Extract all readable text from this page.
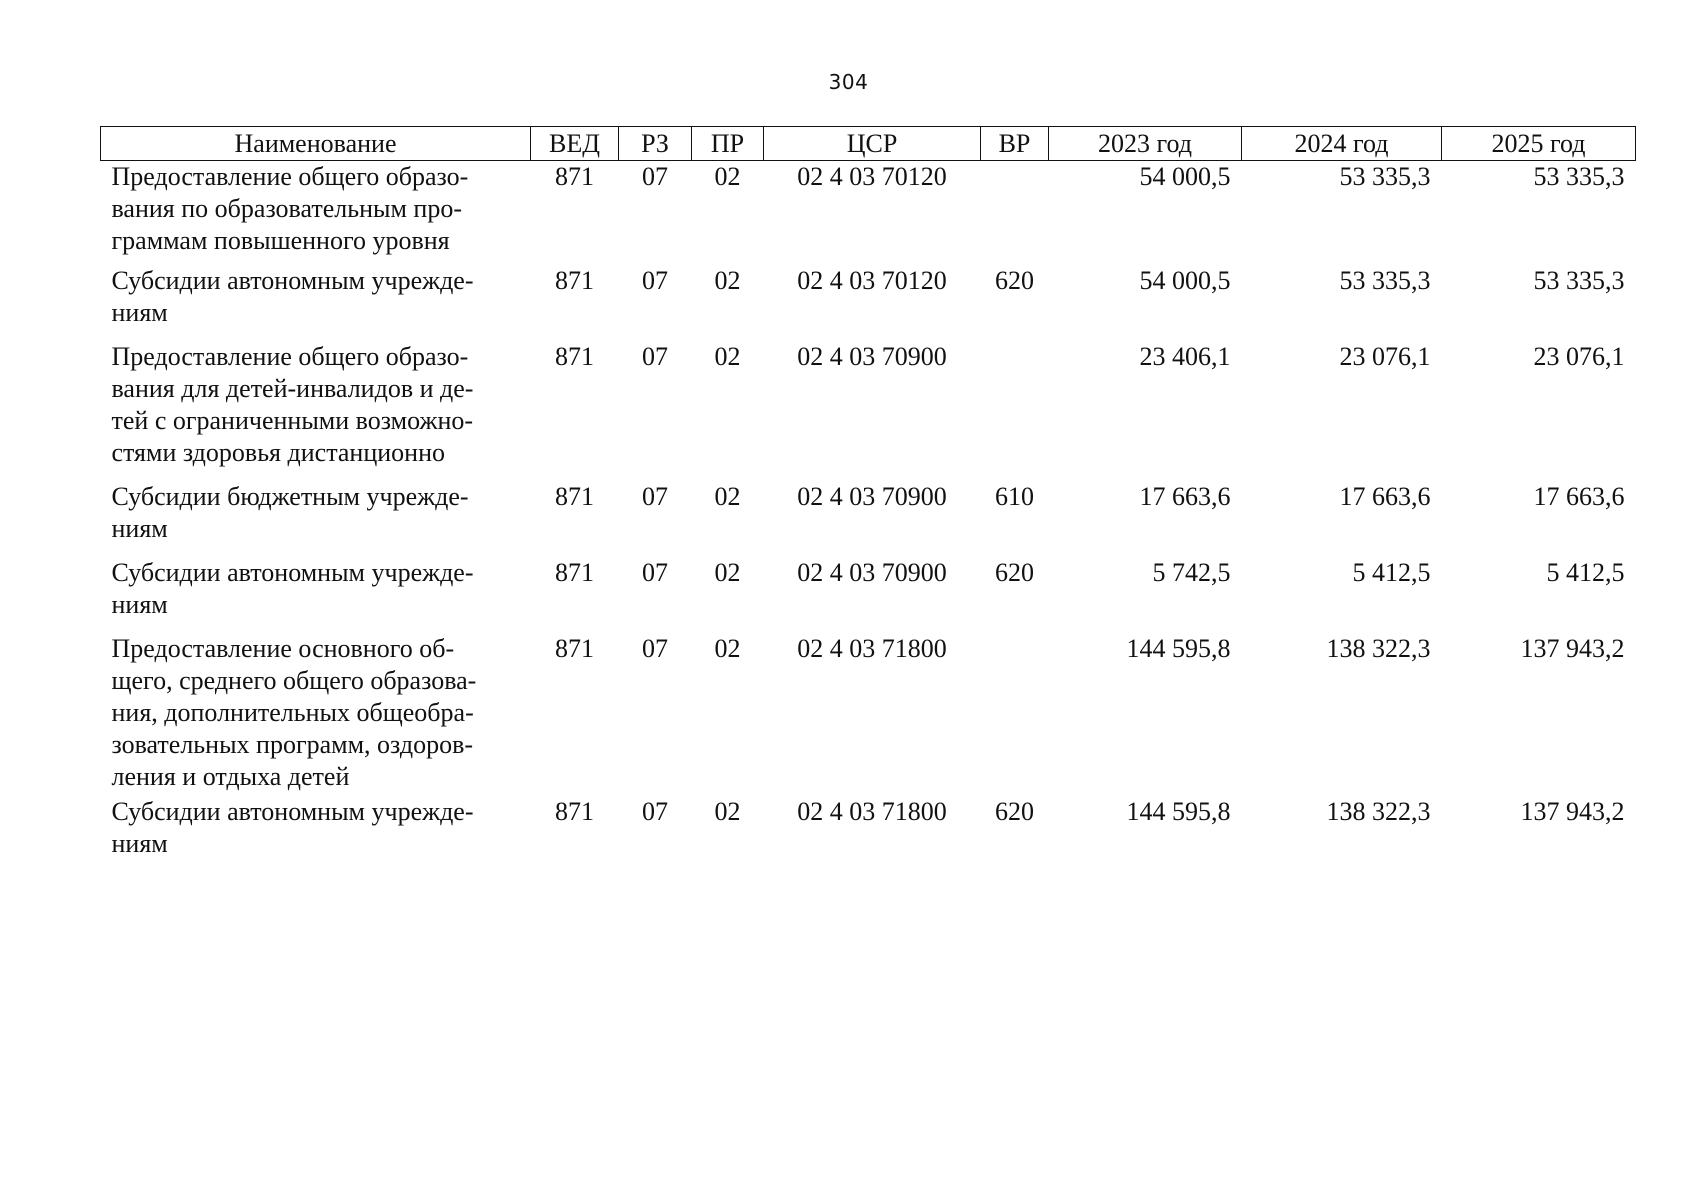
304
Наименование	ВЕД	РЗ	ПР	ЦСР	ВР	2023 год	2024 год	2025 год

Предоставление общего образо-
вания по образовательным про-
граммам повышенного уровня	871	07	02	02 4 03 70120		54 000,5	53 335,3	53 335,3

Субсидии автономным учрежде-
ниям	871	07	02	02 4 03 70120	620	54 000,5	53 335,3	53 335,3

Предоставление общего образо-
вания для детей-инвалидов и де-
тей с ограниченными возможно-
стями здоровья дистанционно	871	07	02	02 4 03 70900		23 406,1	23 076,1	23 076,1

Субсидии бюджетным учрежде-
ниям	871	07	02	02 4 03 70900	610	17 663,6	17 663,6	17 663,6

Субсидии автономным учрежде-
ниям	871	07	02	02 4 03 70900	620	5 742,5	5 412,5	5 412,5

Предоставление основного об-
щего, среднего общего образова-
ния, дополнительных общеобра-
зовательных программ, оздоров-
ления и отдыха детей	871	07	02	02 4 03 71800		144 595,8	138 322,3	137 943,2

Субсидии автономным учрежде-
ниям	871	07	02	02 4 03 71800	620	144 595,8	138 322,3	137 943,2
